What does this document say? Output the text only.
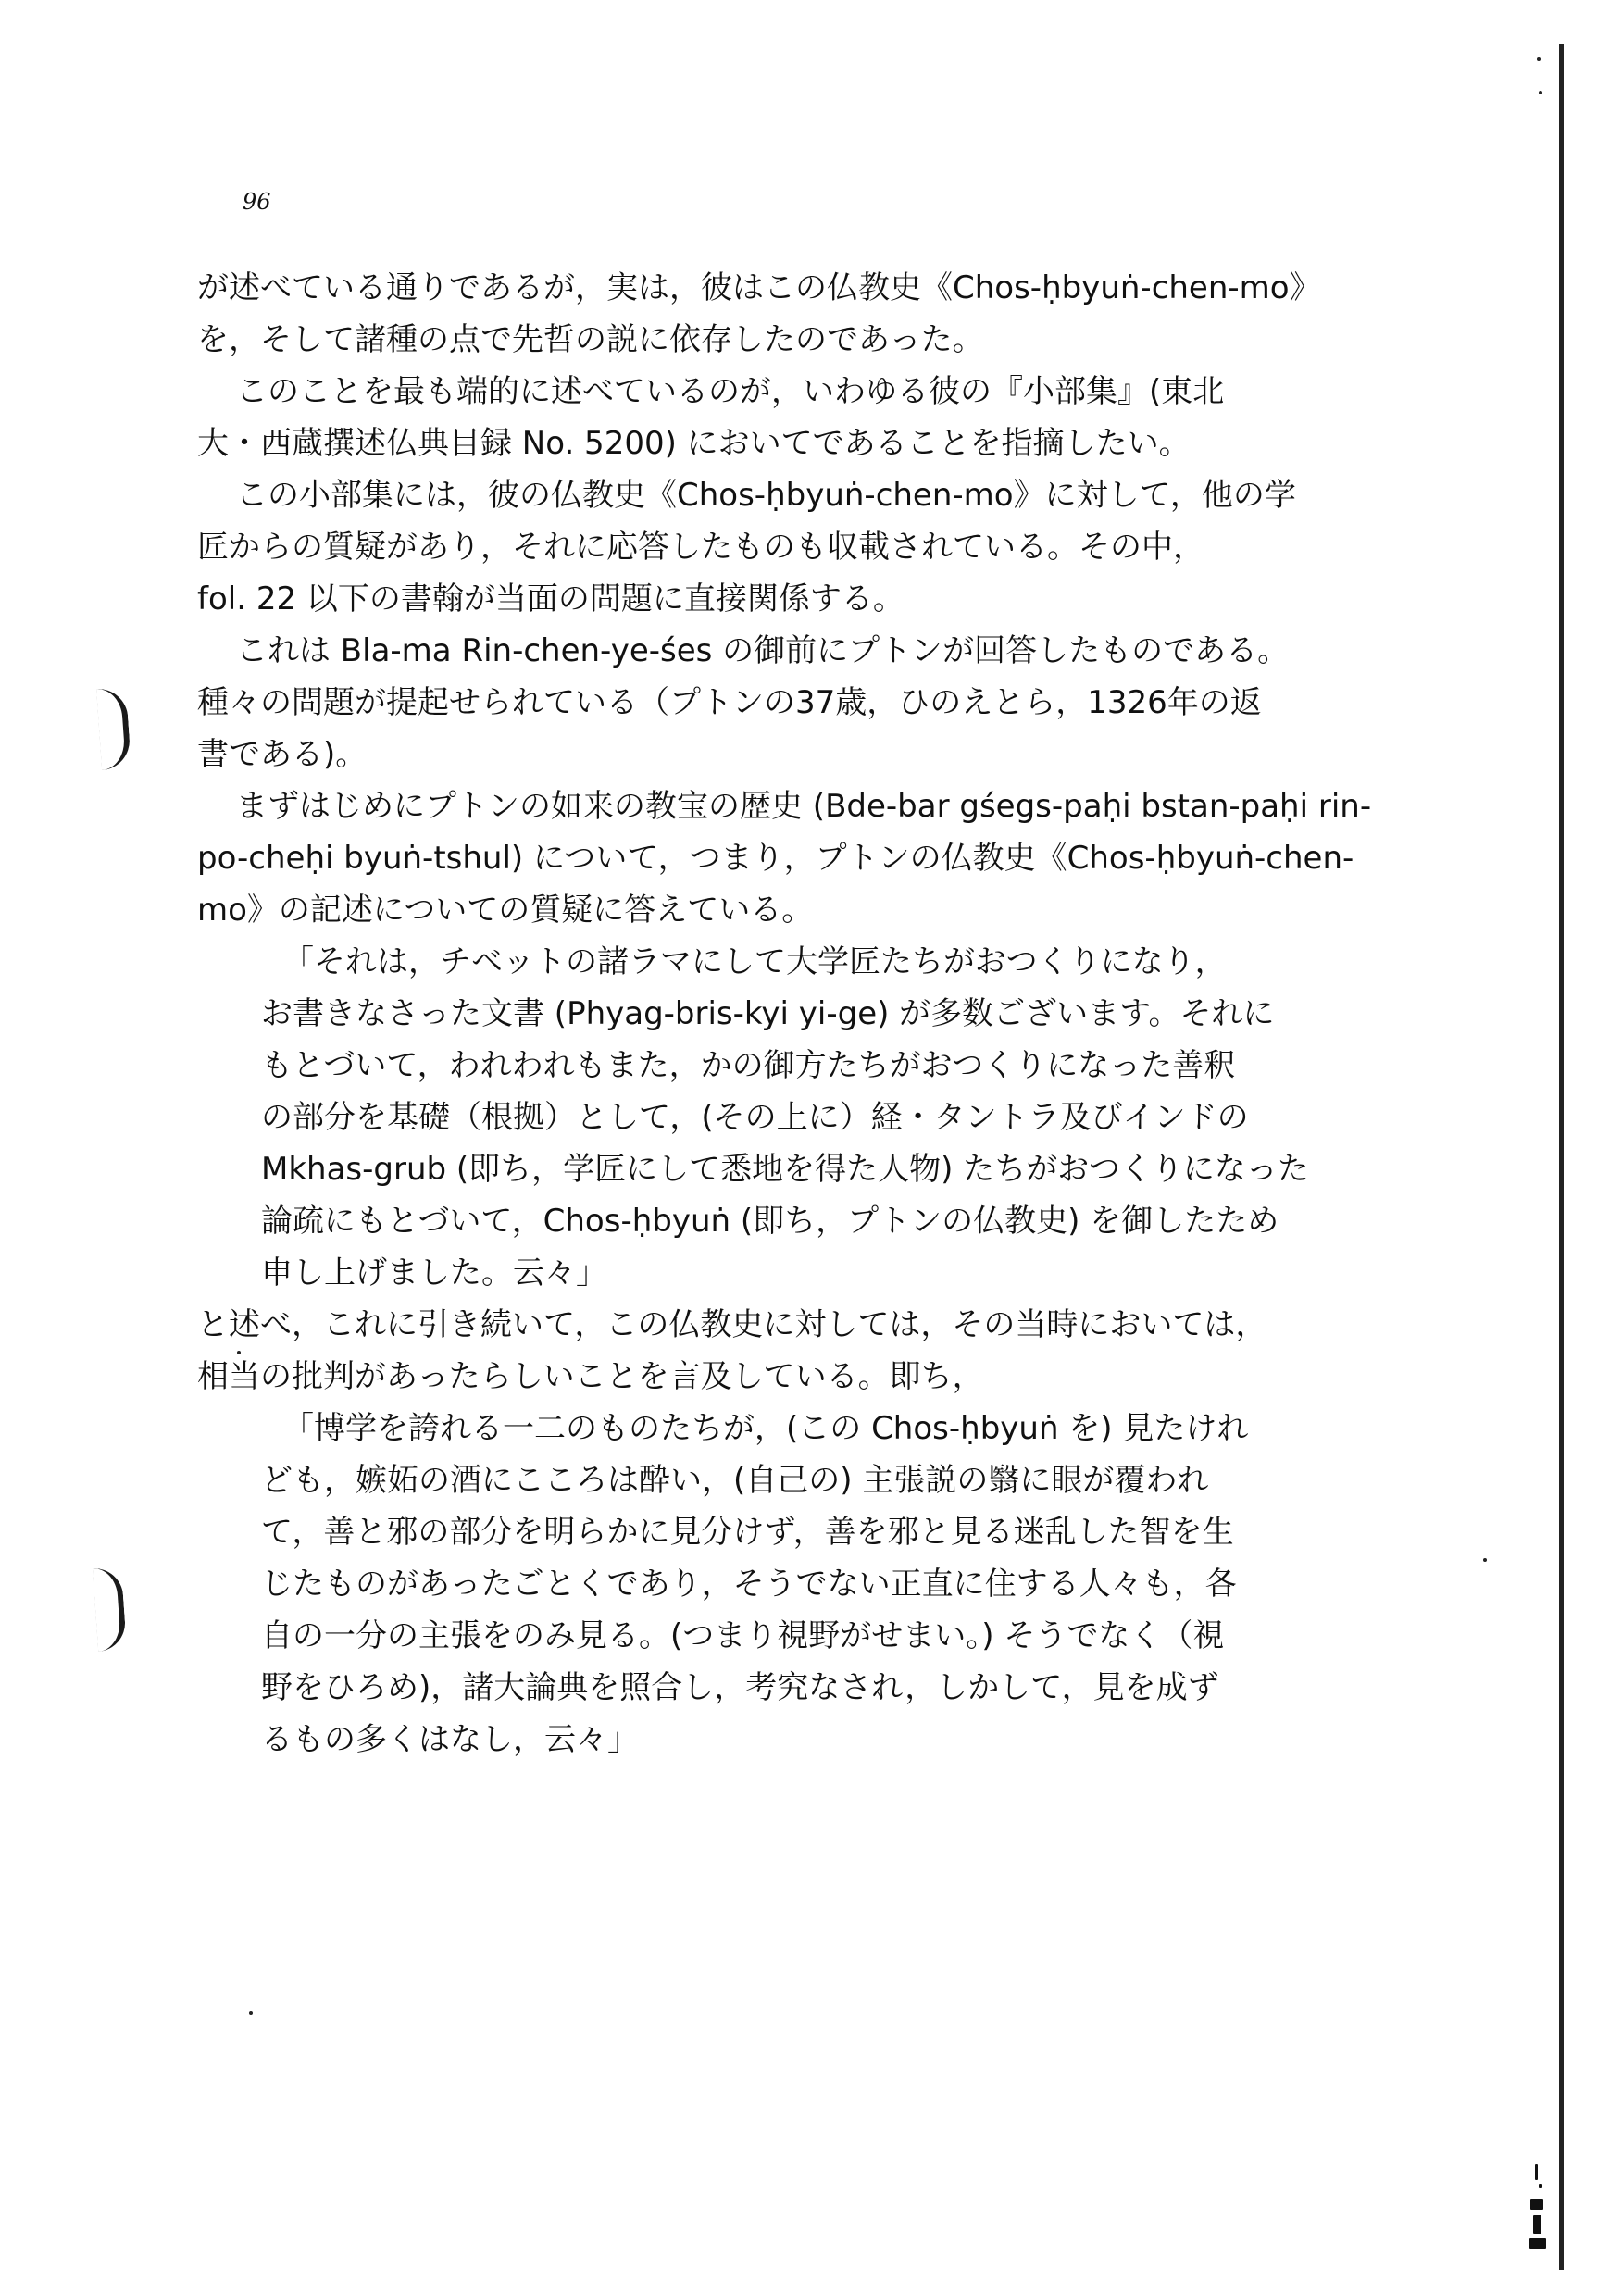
96
が述べている通りであるが，実は，彼はこの仏教史《Chos-ḥbyuṅ-chen-mo》
を，そして諸種の点で先哲の説に依存したのであった。
このことを最も端的に述べているのが，いわゆる彼の『小部集』(東北
大・西蔵撰述仏典目録 No. 5200) においてであることを指摘したい。
この小部集には，彼の仏教史《Chos-ḥbyuṅ-chen-mo》に対して，他の学
匠からの質疑があり，それに応答したものも収載されている。その中，
fol. 22 以下の書翰が当面の問題に直接関係する。
これは Bla-ma Rin-chen-ye-śes の御前にプトンが回答したものである。
種々の問題が提起せられている（プトンの37歳，ひのえとら，1326年の返
書である)。
まずはじめにプトンの如来の教宝の歴史 (Bde-bar gśegs-paḥi bstan-paḥi rin-
po-cheḥi byuṅ-tshul) について，つまり，プトンの仏教史《Chos-ḥbyuṅ-chen-
mo》の記述についての質疑に答えている。
「それは，チベットの諸ラマにして大学匠たちがおつくりになり，
お書きなさった文書 (Phyag-bris-kyi yi-ge) が多数ございます。それに
もとづいて，われわれもまた，かの御方たちがおつくりになった善釈
の部分を基礎（根拠）として，(その上に）経・タントラ及びインドの
Mkhas-grub (即ち，学匠にして悉地を得た人物) たちがおつくりになった
論疏にもとづいて，Chos-ḥbyuṅ (即ち，プトンの仏教史) を御したため
申し上げました。云々」
と述べ，これに引き続いて，この仏教史に対しては，その当時においては，
相当の批判があったらしいことを言及している。即ち，
「博学を誇れる一二のものたちが，(この Chos-ḥbyuṅ を) 見たけれ
ども，嫉妬の酒にこころは酔い，(自己の) 主張説の翳に眼が覆われ
て，善と邪の部分を明らかに見分けず，善を邪と見る迷乱した智を生
じたものがあったごとくであり，そうでない正直に住する人々も，各
自の一分の主張をのみ見る。(つまり視野がせまい。) そうでなく（視
野をひろめ)，諸大論典を照合し，考究なされ，しかして，見を成ず
るもの多くはなし，云々」
